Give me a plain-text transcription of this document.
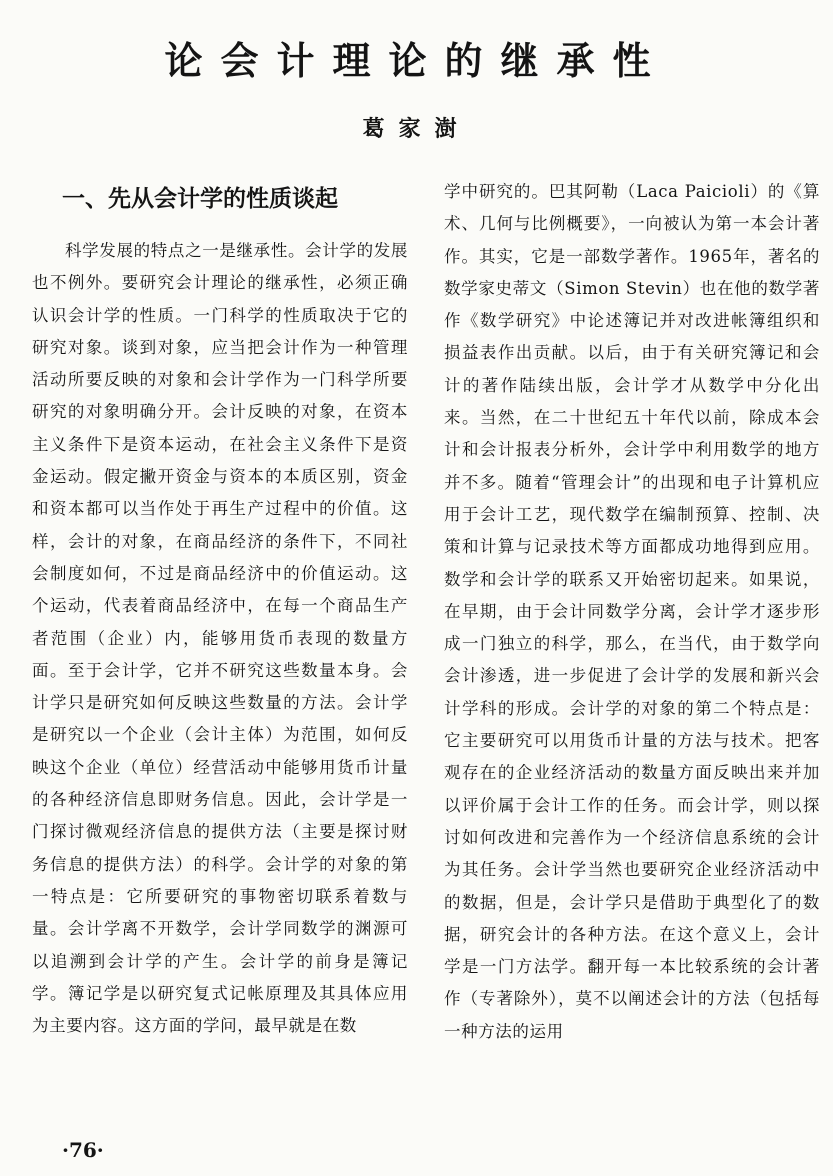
论会计理论的继承性
葛家澍
一、先从会计学的性质谈起

科学发展的特点之一是继承性。会计学的发展也不例外。要研究会计理论的继承性，必须正确认识会计学的性质。一门科学的性质取决于它的研究对象。谈到对象，应当把会计作为一种管理活动所要反映的对象和会计学作为一门科学所要研究的对象明确分开。会计反映的对象，在资本主义条件下是资本运动，在社会主义条件下是资金运动。假定撇开资金与资本的本质区别，资金和资本都可以当作处于再生产过程中的价值。这样，会计的对象，在商品经济的条件下，不同社会制度如何，不过是商品经济中的价值运动。这个运动，代表着商品经济中，在每一个商品生产者范围（企业）内，能够用货币表现的数量方面。至于会计学，它并不研究这些数量本身。会计学只是研究如何反映这些数量的方法。会计学是研究以一个企业（会计主体）为范围，如何反映这个企业（单位）经营活动中能够用货币计量的各种经济信息即财务信息。因此，会计学是一门探讨微观经济信息的提供方法（主要是探讨财务信息的提供方法）的科学。会计学的对象的第一特点是：它所要研究的事物密切联系着数与量。会计学离不开数学，会计学同数学的渊源可以追溯到会计学的产生。会计学的前身是簿记学。簿记学是以研究复式记帐原理及其具体应用为主要内容。这方面的学问，最早就是在数

学中研究的。巴其阿勒（Laca Paicioli）的《算术、几何与比例概要》，一向被认为第一本会计著作。其实，它是一部数学著作。1965年，著名的数学家史蒂文（Simon Stevin）也在他的数学著作《数学研究》中论述簿记并对改进帐簿组织和损益表作出贡献。以后，由于有关研究簿记和会计的著作陆续出版，会计学才从数学中分化出来。当然，在二十世纪五十年代以前，除成本会计和会计报表分析外，会计学中利用数学的地方并不多。随着“管理会计”的出现和电子计算机应用于会计工艺，现代数学在编制预算、控制、决策和计算与记录技术等方面都成功地得到应用。数学和会计学的联系又开始密切起来。如果说，在早期，由于会计同数学分离，会计学才逐步形成一门独立的科学，那么，在当代，由于数学向会计渗透，进一步促进了会计学的发展和新兴会计学科的形成。会计学的对象的第二个特点是：它主要研究可以用货币计量的方法与技术。把客观存在的企业经济活动的数量方面反映出来并加以评价属于会计工作的任务。而会计学，则以探讨如何改进和完善作为一个经济信息系统的会计为其任务。会计学当然也要研究企业经济活动中的数据，但是，会计学只是借助于典型化了的数据，研究会计的各种方法。在这个意义上，会计学是一门方法学。翻开每一本比较系统的会计著作（专著除外），莫不以阐述会计的方法（包括每一种方法的运用

·76·
